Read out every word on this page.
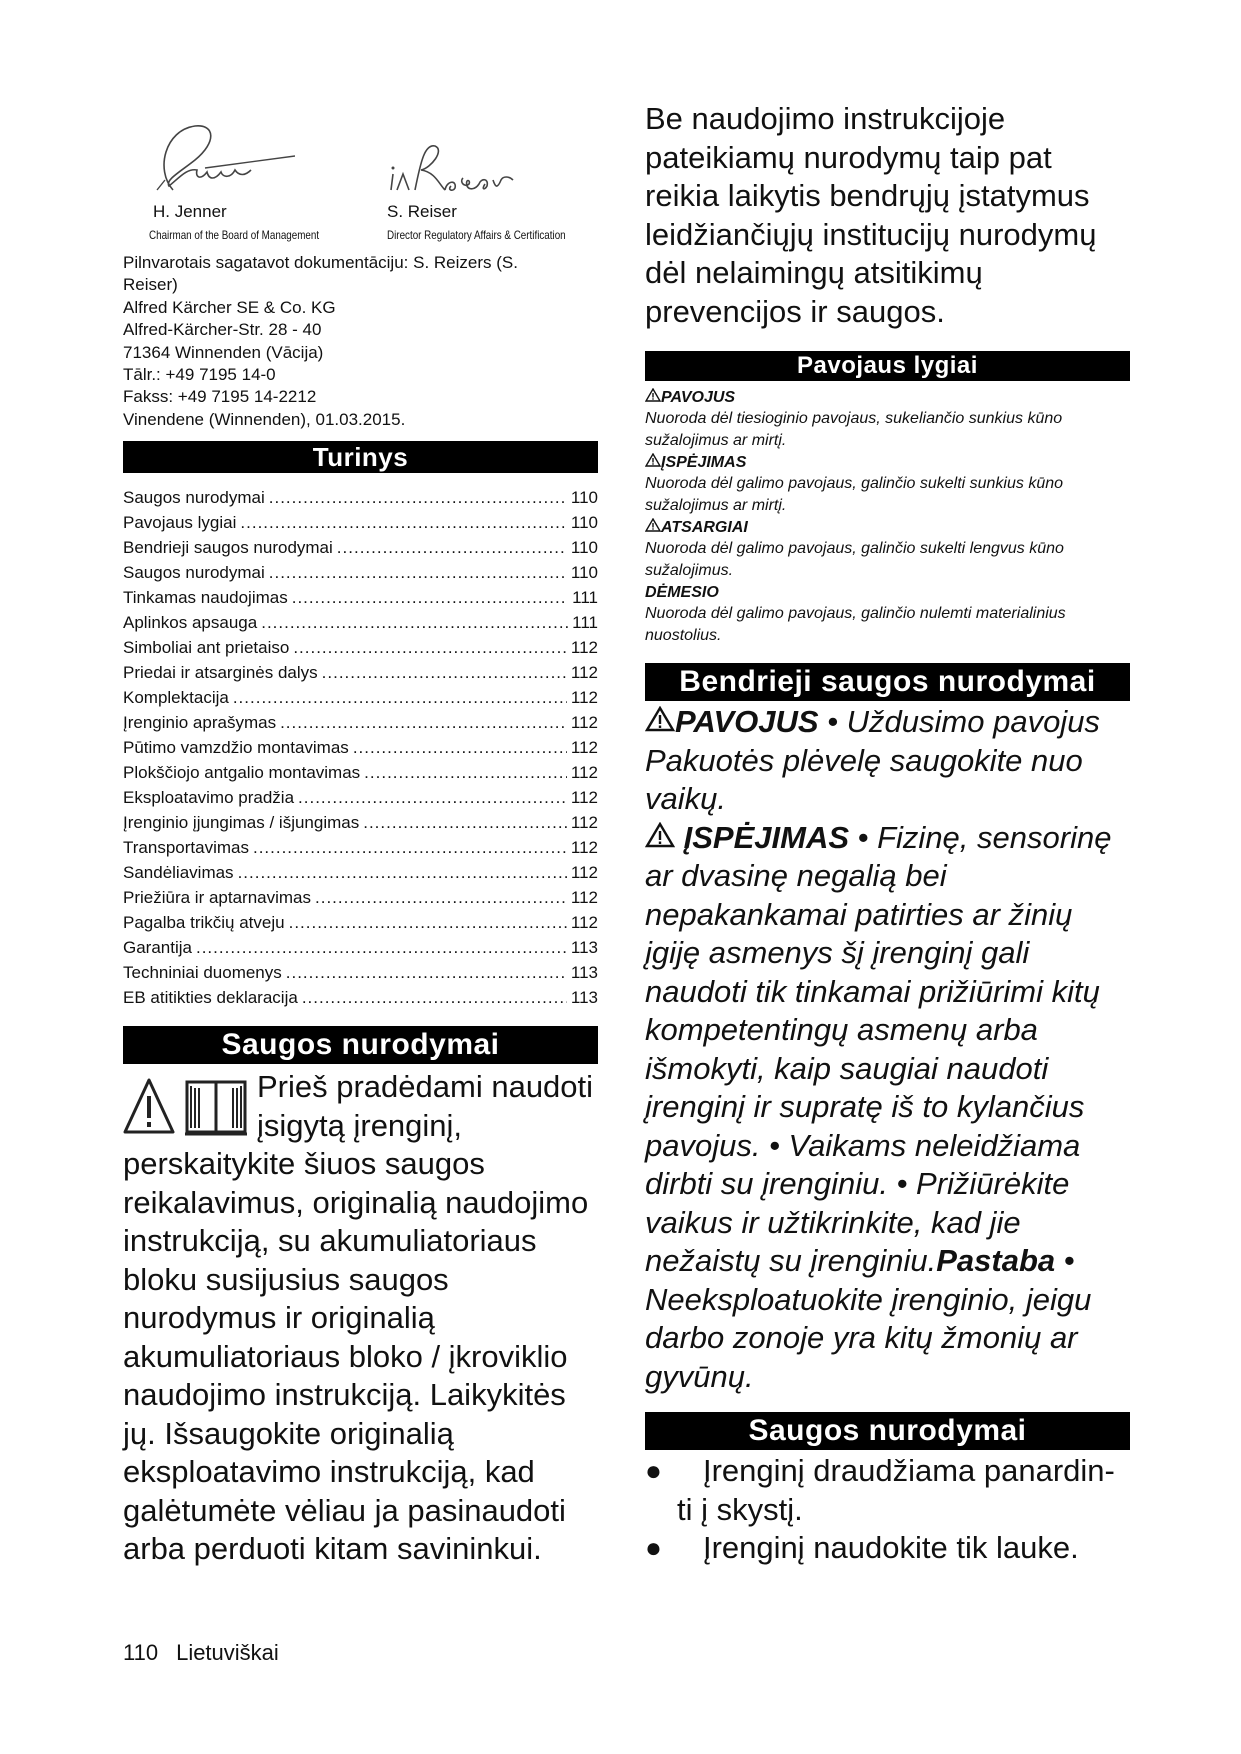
H. Jenner
Chairman of the Board of Management
S. Reiser
Director Regulatory Affairs & Certification
Pilnvarotais sagatavot dokumentāciju: S. Reizers (S.
Reiser)
Alfred Kärcher SE & Co. KG
Alfred-Kärcher-Str. 28 - 40
71364 Winnenden (Vācija)
Tālr.: +49 7195 14-0
Fakss: +49 7195 14-2212
Vinendene (Winnenden), 01.03.2015.
Turinys
Saugos nurodymai .....	110
Pavojaus lygiai .....	110
Bendrieji saugos nurodymai .....	110
Saugos nurodymai .....	110
Tinkamas naudojimas .....	111
Aplinkos apsauga .....	111
Simboliai ant prietaiso .....	112
Priedai ir atsarginės dalys .....	112
Komplektacija .....	112
Įrenginio aprašymas .....	112
Pūtimo vamzdžio montavimas .....	112
Plokščiojo antgalio montavimas .....	112
Eksploatavimo pradžia .....	112
Įrenginio įjungimas / išjungimas .....	112
Transportavimas .....	112
Sandėliavimas .....	112
Priežiūra ir aptarnavimas .....	112
Pagalba trikčių atveju .....	112
Garantija .....	113
Techniniai duomenys .....	113
EB atitikties deklaracija .....	113
Saugos nurodymai
Prieš pradėdami naudoti įsigytą įrenginį, perskaitykite šiuos saugos reikalavimus, originalią naudojimo instrukciją, su akumuliatoriaus bloku susijusius saugos nurodymus ir originalią akumuliatoriaus bloko / įkroviklio naudojimo instrukciją. Laikykitės jų. Išsaugokite originalią eksploatavimo instrukciją, kad galėtumėte vėliau ja pasinaudoti arba perduoti kitam savininkui.
Be naudojimo instrukcijoje pateikiamų nurodymų taip pat reikia laikytis bendrųjų įstatymus leidžiančiųjų institucijų nurodymų dėl nelaimingų atsitikimų prevencijos ir saugos.
Pavojaus lygiai
PAVOJUS
Nuoroda dėl tiesioginio pavojaus, sukeliančio sunkius kūno sužalojimus ar mirtį.
ĮSPĖJIMAS
Nuoroda dėl galimo pavojaus, galinčio sukelti sunkius kūno sužalojimus ar mirtį.
ATSARGIAI
Nuoroda dėl galimo pavojaus, galinčio sukelti lengvus kūno sužalojimus.
DĖMESIO
Nuoroda dėl galimo pavojaus, galinčio nulemti materialinius nuostolius.
Bendrieji saugos nurodymai
PAVOJUS • Uždusimo pavojus Pakuotės plėvelę saugokite nuo vaikų.
ĮSPĖJIMAS • Fizinę, sensorinę ar dvasinę negalią bei nepakankamai patirties ar žinių įgiję asmenys šį įrenginį gali naudoti tik tinkamai prižiūrimi kitų kompetentingų asmenų arba išmokyti, kaip saugiai naudoti įrenginį ir supratę iš to kylančius pavojus. • Vaikams neleidžiama dirbti su įrenginiu. • Prižiūrėkite vaikus ir užtikrinkite, kad jie nežaistų su įrenginiu.Pastaba • Neeksploatuokite įrenginio, jeigu darbo zonoje yra kitų žmonių ar gyvūnų.
Saugos nurodymai
● Įrenginį draudžiama panardin-
ti į skystį.
● Įrenginį naudokite tik lauke.
110 Lietuviškai
